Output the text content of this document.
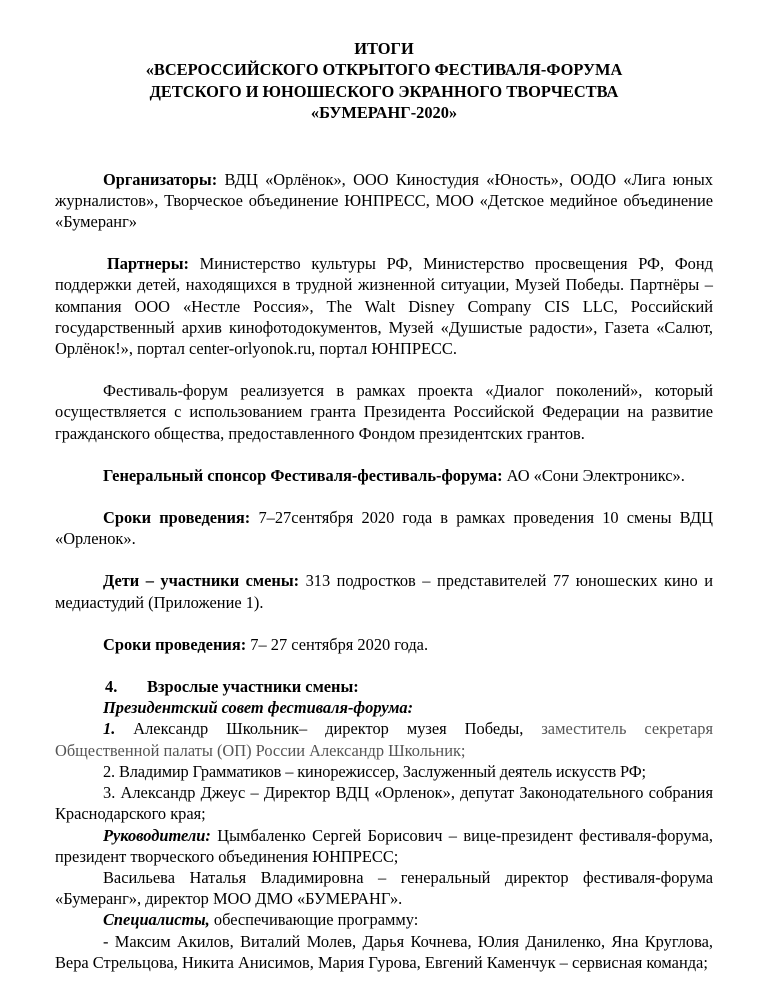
ИТОГИ
«ВСЕРОССИЙСКОГО ОТКРЫТОГО ФЕСТИВАЛЯ-ФОРУМА
ДЕТСКОГО И ЮНОШЕСКОГО ЭКРАННОГО ТВОРЧЕСТВА
«БУМЕРАНГ-2020»

Организаторы: ВДЦ «Орлёнок», ООО Киностудия «Юность», ООДО «Лига юных журналистов», Творческое объединение ЮНПРЕСС, МОО «Детское медийное объединение «Бумеранг»

Партнеры: Министерство культуры РФ, Министерство просвещения РФ, Фонд поддержки детей, находящихся в трудной жизненной ситуации, Музей Победы. Партнёры – компания ООО «Нестле Россия», The Walt Disney Company CIS LLC, Российский государственный архив кинофотодокументов, Музей «Душистые радости», Газета «Салют, Орлёнок!», портал center-orlyonok.ru, портал ЮНПРЕСС.

Фестиваль-форум реализуется в рамках проекта «Диалог поколений», который осуществляется с использованием гранта Президента Российской Федерации на развитие гражданского общества, предоставленного Фондом президентских грантов.

Генеральный спонсор Фестиваля-фестиваль-форума: АО «Сони Электроникс».

Сроки проведения: 7–27сентября 2020 года в рамках проведения 10 смены ВДЦ «Орленок».

Дети – участники смены: 313 подростков – представителей 77 юношеских кино и медиастудий (Приложение 1).

Сроки проведения: 7– 27 сентября 2020 года.

4. Взрослые участники смены:

Президентский совет фестиваля-форума:

1. Александр Школьник– директор музея Победы, заместитель секретаря Общественной палаты (ОП) России Александр Школьник;

2. Владимир Грамматиков – кинорежиссер, Заслуженный деятель искусств РФ;

3. Александр Джеус – Директор ВДЦ «Орленок», депутат Законодательного собрания Краснодарского края;

Руководители: Цымбаленко Сергей Борисович – вице-президент фестиваля-форума, президент творческого объединения ЮНПРЕСС;

Васильева Наталья Владимировна – генеральный директор фестиваля-форума «Бумеранг», директор МОО ДМО «БУМЕРАНГ».

Специалисты, обеспечивающие программу:

- Максим Акилов, Виталий Молев, Дарья Кочнева, Юлия Даниленко, Яна Круглова, Вера Стрельцова, Никита Анисимов, Мария Гурова, Евгений Каменчук – сервисная команда;
